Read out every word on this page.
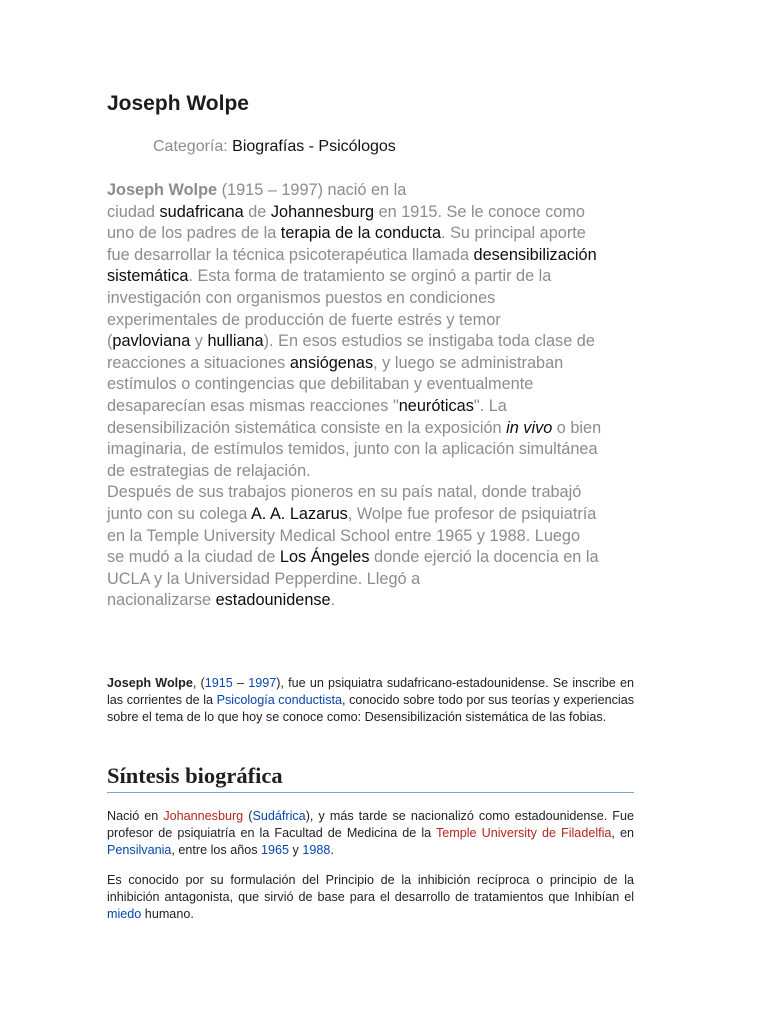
Joseph Wolpe
Categoría: Biografías - Psicólogos
Joseph Wolpe (1915 – 1997) nació en la
ciudad sudafricana de Johannesburg en 1915. Se le conoce como
uno de los padres de la terapia de la conducta. Su principal aporte
fue desarrollar la técnica psicoterapéutica llamada desensibilización
sistemática. Esta forma de tratamiento se orginó a partir de la
investigación con organismos puestos en condiciones
experimentales de producción de fuerte estrés y temor
(pavloviana y hulliana). En esos estudios se instigaba toda clase de
reacciones a situaciones ansiógenas, y luego se administraban
estímulos o contingencias que debilitaban y eventualmente
desaparecían esas mismas reacciones "neuróticas". La
desensibilización sistemática consiste en la exposición in vivo o bien
imaginaria, de estímulos temidos, junto con la aplicación simultánea
de estrategias de relajación.
Después de sus trabajos pioneros en su país natal, donde trabajó
junto con su colega A. A. Lazarus, Wolpe fue profesor de psiquiatría
en la Temple University Medical School entre 1965 y 1988. Luego
se mudó a la ciudad de Los Ángeles donde ejerció la docencia en la
UCLA y la Universidad Pepperdine. Llegó a
nacionalizarse estadounidense.

Joseph Wolpe, (1915 – 1997), fue un psiquiatra sudafricano-estadounidense. Se inscribe en las corrientes de la Psicología conductista, conocido sobre todo por sus teorías y experiencias sobre el tema de lo que hoy se conoce como: Desensibilización sistemática de las fobias.

Síntesis biográfica

Nació en Johannesburg (Sudáfrica), y más tarde se nacionalizó como estadounidense. Fue profesor de psiquiatría en la Facultad de Medicina de la Temple University de Filadelfia, en Pensilvania, entre los años 1965 y 1988.

Es conocido por su formulación del Principio de la inhibición recíproca o principio de la inhibición antagonista, que sirvió de base para el desarrollo de tratamientos que Inhibían el miedo humano.
